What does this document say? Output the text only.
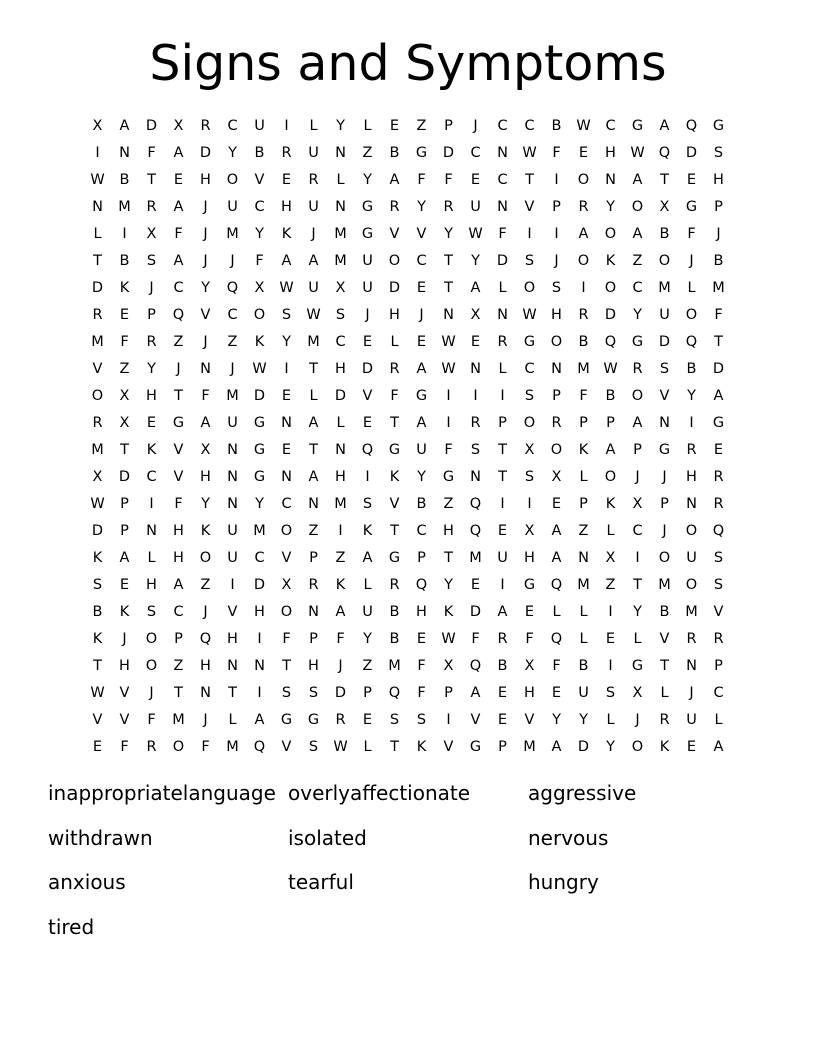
Signs and Symptoms
X	A	D	X	R	C	U	I	L	Y	L	E	Z	P	J	C	C	B	W	C	G	A	Q	G
I	N	F	A	D	Y	B	R	U	N	Z	B	G	D	C	N W	F	E	H W Q	D	S
W	B	T	E	H	O	V	E	R	L	Y	A	F	F	E	C	T	I	O	N	A	T	E	H
N	M	R	A	J	U	C	H	U	N	G	R	Y	R	U	N	V	P	R	Y	O	X	G	P
L	I	X	F	J	M	Y	K	J	M	G	V	V	Y	W	F	I	I	A	O	A	B	F	J
T	B	S	A	J	J	F	A	A	M	U	O	C	T	Y	D	S	J	O	K	Z	O	J	B
D	K	J	C	Y	Q	X	W	U	X	U	D	E	T	A	L	O	S	I	O	C	M	L	M
R	E	P	Q	V	C	O	S	W	S	J	H	J	N	X	N W H	R	D	Y	U	O	F
M	F	R	Z	J	Z	K	Y	M	C	E	L	E	W	E	R	G	O	B	Q	G	D	Q	T
V	Z	Y	J	N	J	W	I	T	H	D	R	A	W N	L	C	N	M W	R	S	B	D
O	X	H	T	F	M	D	E	L	D	V	F	G	I	I	I	S	P	F	B	O	V	Y	A
R	X	E	G	A	U	G	N	A	L	E	T	A	I	R	P	O	R	P	P	A	N	I	G
M	T	K	V	X	N	G	E	T	N	Q	G	U	F	S	T	X	O	K	A	P	G	R	E
X	D	C	V	H	N	G	N	A	H	I	K	Y	G	N	T	S	X	L	O	J	J	H	R
W	P	I	F	Y	N	Y	C	N	M	S	V	B	Z	Q	I	I	E	P	K	X	P	N	R
D	P	N	H	K	U	M	O	Z	I	K	T	C	H	Q	E	X	A	Z	L	C	J	O	Q
K	A	L	H	O	U	C	V	P	Z	A	G	P	T	M	U	H	A	N	X	I	O	U	S
S	E	H	A	Z	I	D	X	R	K	L	R	Q	Y	E	I	G	Q	M	Z	T	M	O	S
B	K	S	C	J	V	H	O	N	A	U	B	H	K	D	A	E	L	L	I	Y	B	M	V
K	J	O	P	Q	H	I	F	P	F	Y	B	E	W	F	R	F	Q	L	E	L	V	R	R
T	H	O	Z	H	N	N	T	H	J	Z	M	F	X	Q	B	X	F	B	I	G	T	N	P
W	V	J	T	N	T	I	S	S	D	P	Q	F	P	A	E	H	E	U	S	X	L	J	C
V	V	F	M	J	L	A	G	G	R	E	S	S	I	V	E	V	Y	Y	L	J	R	U	L
E	F	R	O	F	M	Q	V	S	W	L	T	K	V	G	P	M	A	D	Y	O	K	E	A
inappropriatelanguage overlyaffectionate	aggressive
withdrawn	isolated	nervous
anxious	tearful	hungry
tired
